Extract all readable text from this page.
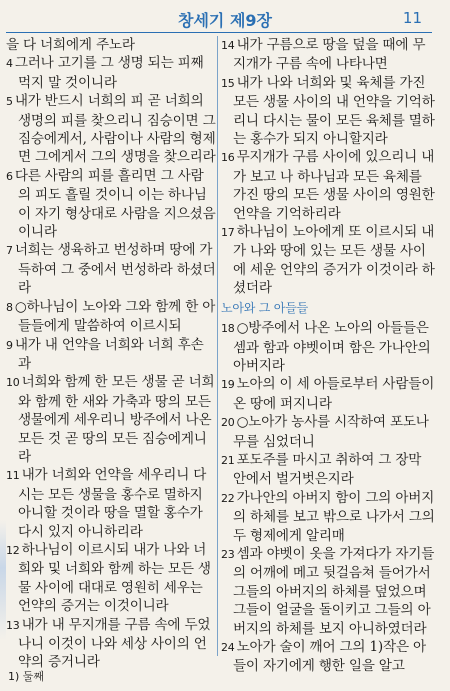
창세기 제9장	11

을 다 너희에게 주노라

4 그러나 고기를 그 생명 되는 피째 먹지 말 것이니라

5 내가 반드시 너희의 피 곧 너희의 생명의 피를 찾으리니 짐승이면 그 짐승에게서, 사람이나 사람의 형제면 그에게서 그의 생명을 찾으리라

6 다른 사람의 피를 흘리면 그 사람의 피도 흘릴 것이니 이는 하나님이 자기 형상대로 사람을 지으셨음이니라

7 너희는 생육하고 번성하며 땅에 가득하여 그 중에서 번성하라 하셨더라

8 ○하나님이 노아와 그와 함께 한 아들들에게 말씀하여 이르시되

9 내가 내 언약을 너희와 너희 후손과

10 너희와 함께 한 모든 생물 곧 너희와 함께 한 새와 가축과 땅의 모든 생물에게 세우리니 방주에서 나온 모든 것 곧 땅의 모든 짐승에게니라

11 내가 너희와 언약을 세우리니 다시는 모든 생물을 홍수로 멸하지 아니할 것이라 땅을 멸할 홍수가 다시 있지 아니하리라

12 하나님이 이르시되 내가 나와 너희와 및 너희와 함께 하는 모든 생물 사이에 대대로 영원히 세우는 언약의 증거는 이것이니라

13 내가 내 무지개를 구름 속에 두었나니 이것이 나와 세상 사이의 언약의 증거니라

14 내가 구름으로 땅을 덮을 때에 무지개가 구름 속에 나타나면

15 내가 나와 너희와 및 육체를 가진 모든 생물 사이의 내 언약을 기억하리니 다시는 물이 모든 육체를 멸하는 홍수가 되지 아니할지라

16 무지개가 구름 사이에 있으리니 내가 보고 나 하나님과 모든 육체를 가진 땅의 모든 생물 사이의 영원한 언약을 기억하리라

17 하나님이 노아에게 또 이르시되 내가 나와 땅에 있는 모든 생물 사이에 세운 언약의 증거가 이것이라 하셨더라

노아와 그 아들들

18 ○방주에서 나온 노아의 아들들은 셈과 함과 야벳이며 함은 가나안의 아버지라

19 노아의 이 세 아들로부터 사람들이 온 땅에 퍼지니라

20 ○노아가 농사를 시작하여 포도나무를 심었더니

21 포도주를 마시고 취하여 그 장막 안에서 벌거벗은지라

22 가나안의 아버지 함이 그의 아버지의 하체를 보고 밖으로 나가서 그의 두 형제에게 알리매

23 셈과 야벳이 옷을 가져다가 자기들의 어깨에 메고 뒷걸음쳐 들어가서 그들의 아버지의 하체를 덮었으며 그들이 얼굴을 돌이키고 그들의 아버지의 하체를 보지 아니하였더라

24 노아가 술이 깨어 그의 1)작은 아들이 자기에게 행한 일을 알고

1) 둘째
